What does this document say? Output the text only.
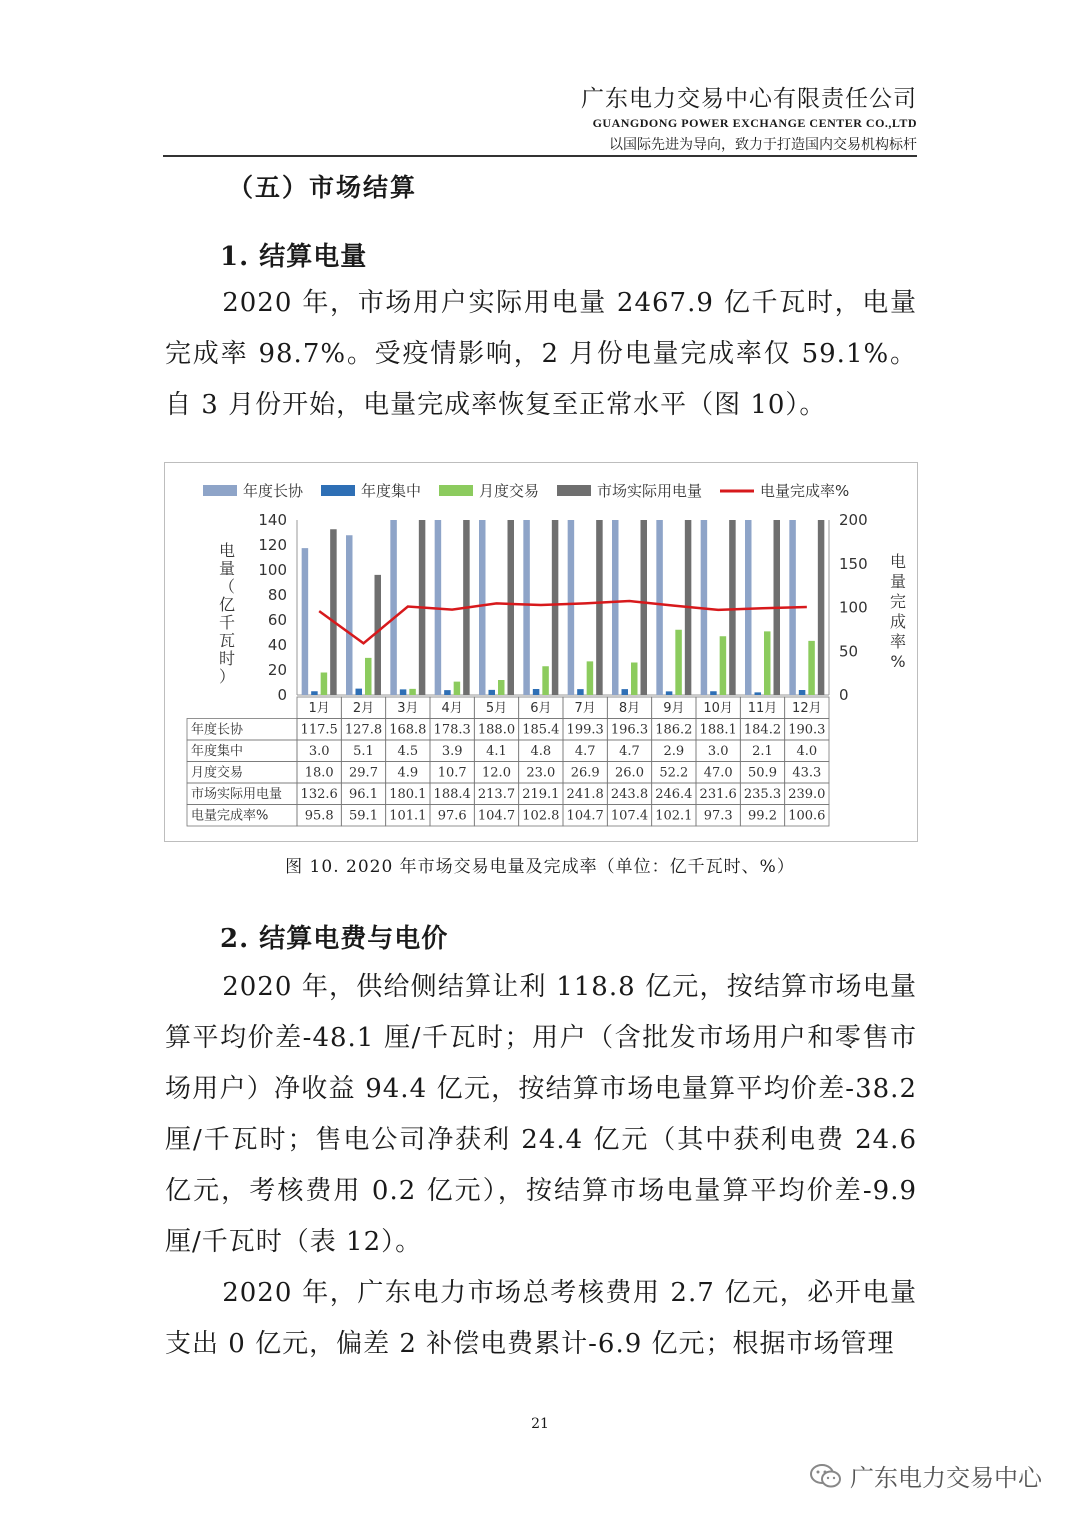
广东电力交易中心有限责任公司
GUANGDONG POWER EXCHANGE CENTER CO.,LTD
以国际先进为导向，致力于打造国内交易机构标杆
（五）市场结算
1. 结算电量

2020 年，市场用户实际用电量 2467.9 亿千瓦时，电量完成率 98.7%。受疫情影响，2 月份电量完成率仅 59.1%。自 3 月份开始，电量完成率恢复至正常水平（图 10）。

年度长协	年度集中	月度交易	市场实际用电量	电量完成率%
0
20
40
60
80
100
120
140
0
50
100
150
200
电
量
（
亿
千
瓦
时
）
电
量
完
成
率
%
1月 2月 3月 4月 5月 6月 7月 8月 9月 10月 11月 12月
年度长协	117.5 127.8 168.8 178.3 188.0 185.4 199.3 196.3 186.2 188.1 184.2 190.3
年度集中	3.0 5.1 4.5 3.9 4.1 4.8 4.7 4.7 2.9 3.0 2.1 4.0
月度交易	18.0 29.7 4.9 10.7 12.0 23.0 26.9 26.0 52.2 47.0 50.9 43.3
市场实际用电量 132.6 96.1 180.1 188.4 213.7 219.1 241.8 243.8 246.4 231.6 235.3 239.0
电量完成率%	95.8 59.1 101.1 97.6 104.7 102.8 104.7 107.4 102.1 97.3 99.2 100.6
图 10. 2020 年市场交易电量及完成率（单位：亿千瓦时、%）
2. 结算电费与电价

2020 年，供给侧结算让利 118.8 亿元，按结算市场电量算平均价差-48.1 厘/千瓦时；用户（含批发市场用户和零售市场用户）净收益 94.4 亿元，按结算市场电量算平均价差-38.2 厘/千瓦时；售电公司净获利 24.4 亿元（其中获利电费 24.6 亿元，考核费用 0.2 亿元），按结算市场电量算平均价差-9.9 厘/千瓦时（表 12）。

2020 年，广东电力市场总考核费用 2.7 亿元，必开电量支出 0 亿元，偏差 2 补偿电费累计-6.9 亿元；根据市场管理

21
广东电力交易中心
